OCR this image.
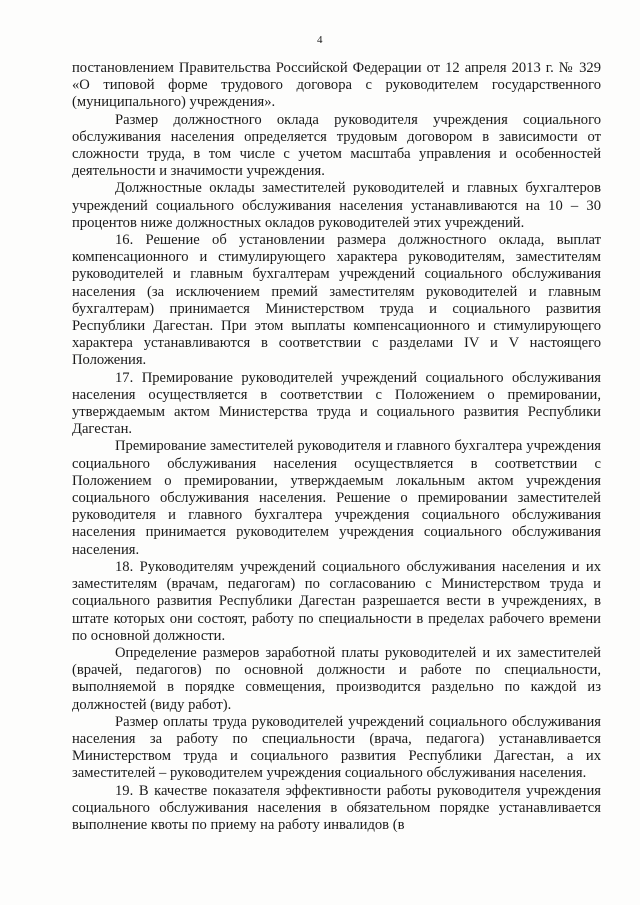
4

постановлением Правительства Российской Федерации от 12 апреля 2013 г. № 329 «О типовой форме трудового договора с руководителем государственного (муниципального) учреждения».

Размер должностного оклада руководителя учреждения социального обслуживания населения определяется трудовым договором в зависимости от сложности труда, в том числе с учетом масштаба управления и особенностей деятельности и значимости учреждения.

Должностные оклады заместителей руководителей и главных бухгалтеров учреждений социального обслуживания населения устанавливаются на 10 – 30 процентов ниже должностных окладов руководителей этих учреждений.

16. Решение об установлении размера должностного оклада, выплат компенсационного и стимулирующего характера руководителям, заместителям руководителей и главным бухгалтерам учреждений социального обслуживания населения (за исключением премий заместителям руководителей и главным бухгалтерам) принимается Министерством труда и социального развития Республики Дагестан. При этом выплаты компенсационного и стимулирующего характера устанавливаются в соответствии с разделами IV и V настоящего Положения.

17. Премирование руководителей учреждений социального обслуживания населения осуществляется в соответствии с Положением о премировании, утверждаемым актом Министерства труда и социального развития Республики Дагестан.

Премирование заместителей руководителя и главного бухгалтера учреждения социального обслуживания населения осуществляется в соответствии с Положением о премировании, утверждаемым локальным актом учреждения социального обслуживания населения. Решение о премировании заместителей руководителя и главного бухгалтера учреждения социального обслуживания населения принимается руководителем учреждения социального обслуживания населения.

18. Руководителям учреждений социального обслуживания населения и их заместителям (врачам, педагогам) по согласованию с Министерством труда и социального развития Республики Дагестан разрешается вести в учреждениях, в штате которых они состоят, работу по специальности в пределах рабочего времени по основной должности.

Определение размеров заработной платы руководителей и их заместителей (врачей, педагогов) по основной должности и работе по специальности, выполняемой в порядке совмещения, производится раздельно по каждой из должностей (виду работ).

Размер оплаты труда руководителей учреждений социального обслуживания населения за работу по специальности (врача, педагога) устанавливается Министерством труда и социального развития Республики Дагестан, а их заместителей – руководителем учреждения социального обслуживания населения.

19. В качестве показателя эффективности работы руководителя учреждения социального обслуживания населения в обязательном порядке устанавливается выполнение квоты по приему на работу инвалидов (в
